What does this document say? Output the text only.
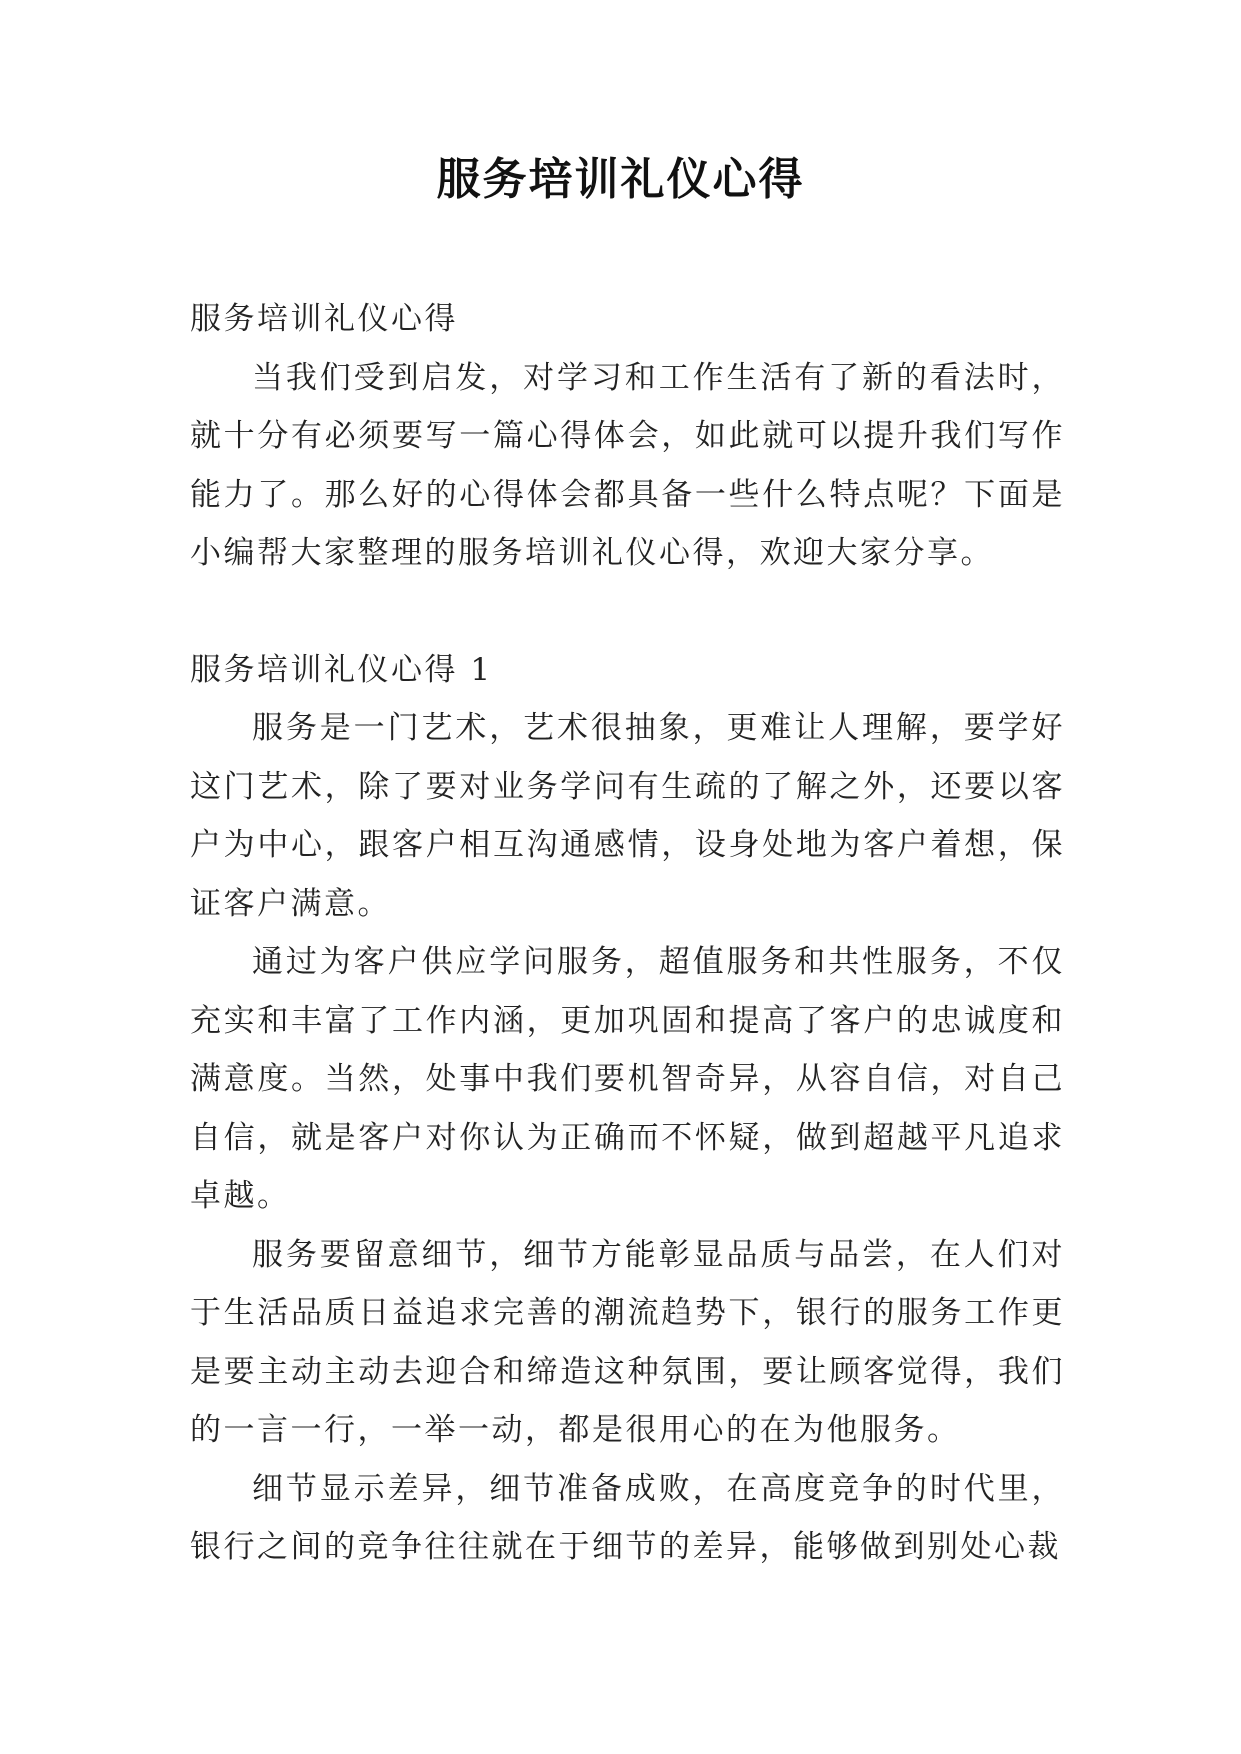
服务培训礼仪心得

服务培训礼仪心得

当我们受到启发，对学习和工作生活有了新的看法时，就十分有必须要写一篇心得体会，如此就可以提升我们写作能力了。那么好的心得体会都具备一些什么特点呢？下面是小编帮大家整理的服务培训礼仪心得，欢迎大家分享。

服务培训礼仪心得 1

服务是一门艺术，艺术很抽象，更难让人理解，要学好这门艺术，除了要对业务学问有生疏的了解之外，还要以客户为中心，跟客户相互沟通感情，设身处地为客户着想，保证客户满意。

通过为客户供应学问服务，超值服务和共性服务，不仅充实和丰富了工作内涵，更加巩固和提高了客户的忠诚度和满意度。当然，处事中我们要机智奇异，从容自信，对自己自信，就是客户对你认为正确而不怀疑，做到超越平凡追求卓越。

服务要留意细节，细节方能彰显品质与品尝，在人们对于生活品质日益追求完善的潮流趋势下，银行的服务工作更是要主动主动去迎合和缔造这种氛围，要让顾客觉得，我们的一言一行，一举一动，都是很用心的在为他服务。

细节显示差异，细节准备成败，在高度竞争的时代里，银行之间的竞争往往就在于细节的差异，能够做到别处心裁
